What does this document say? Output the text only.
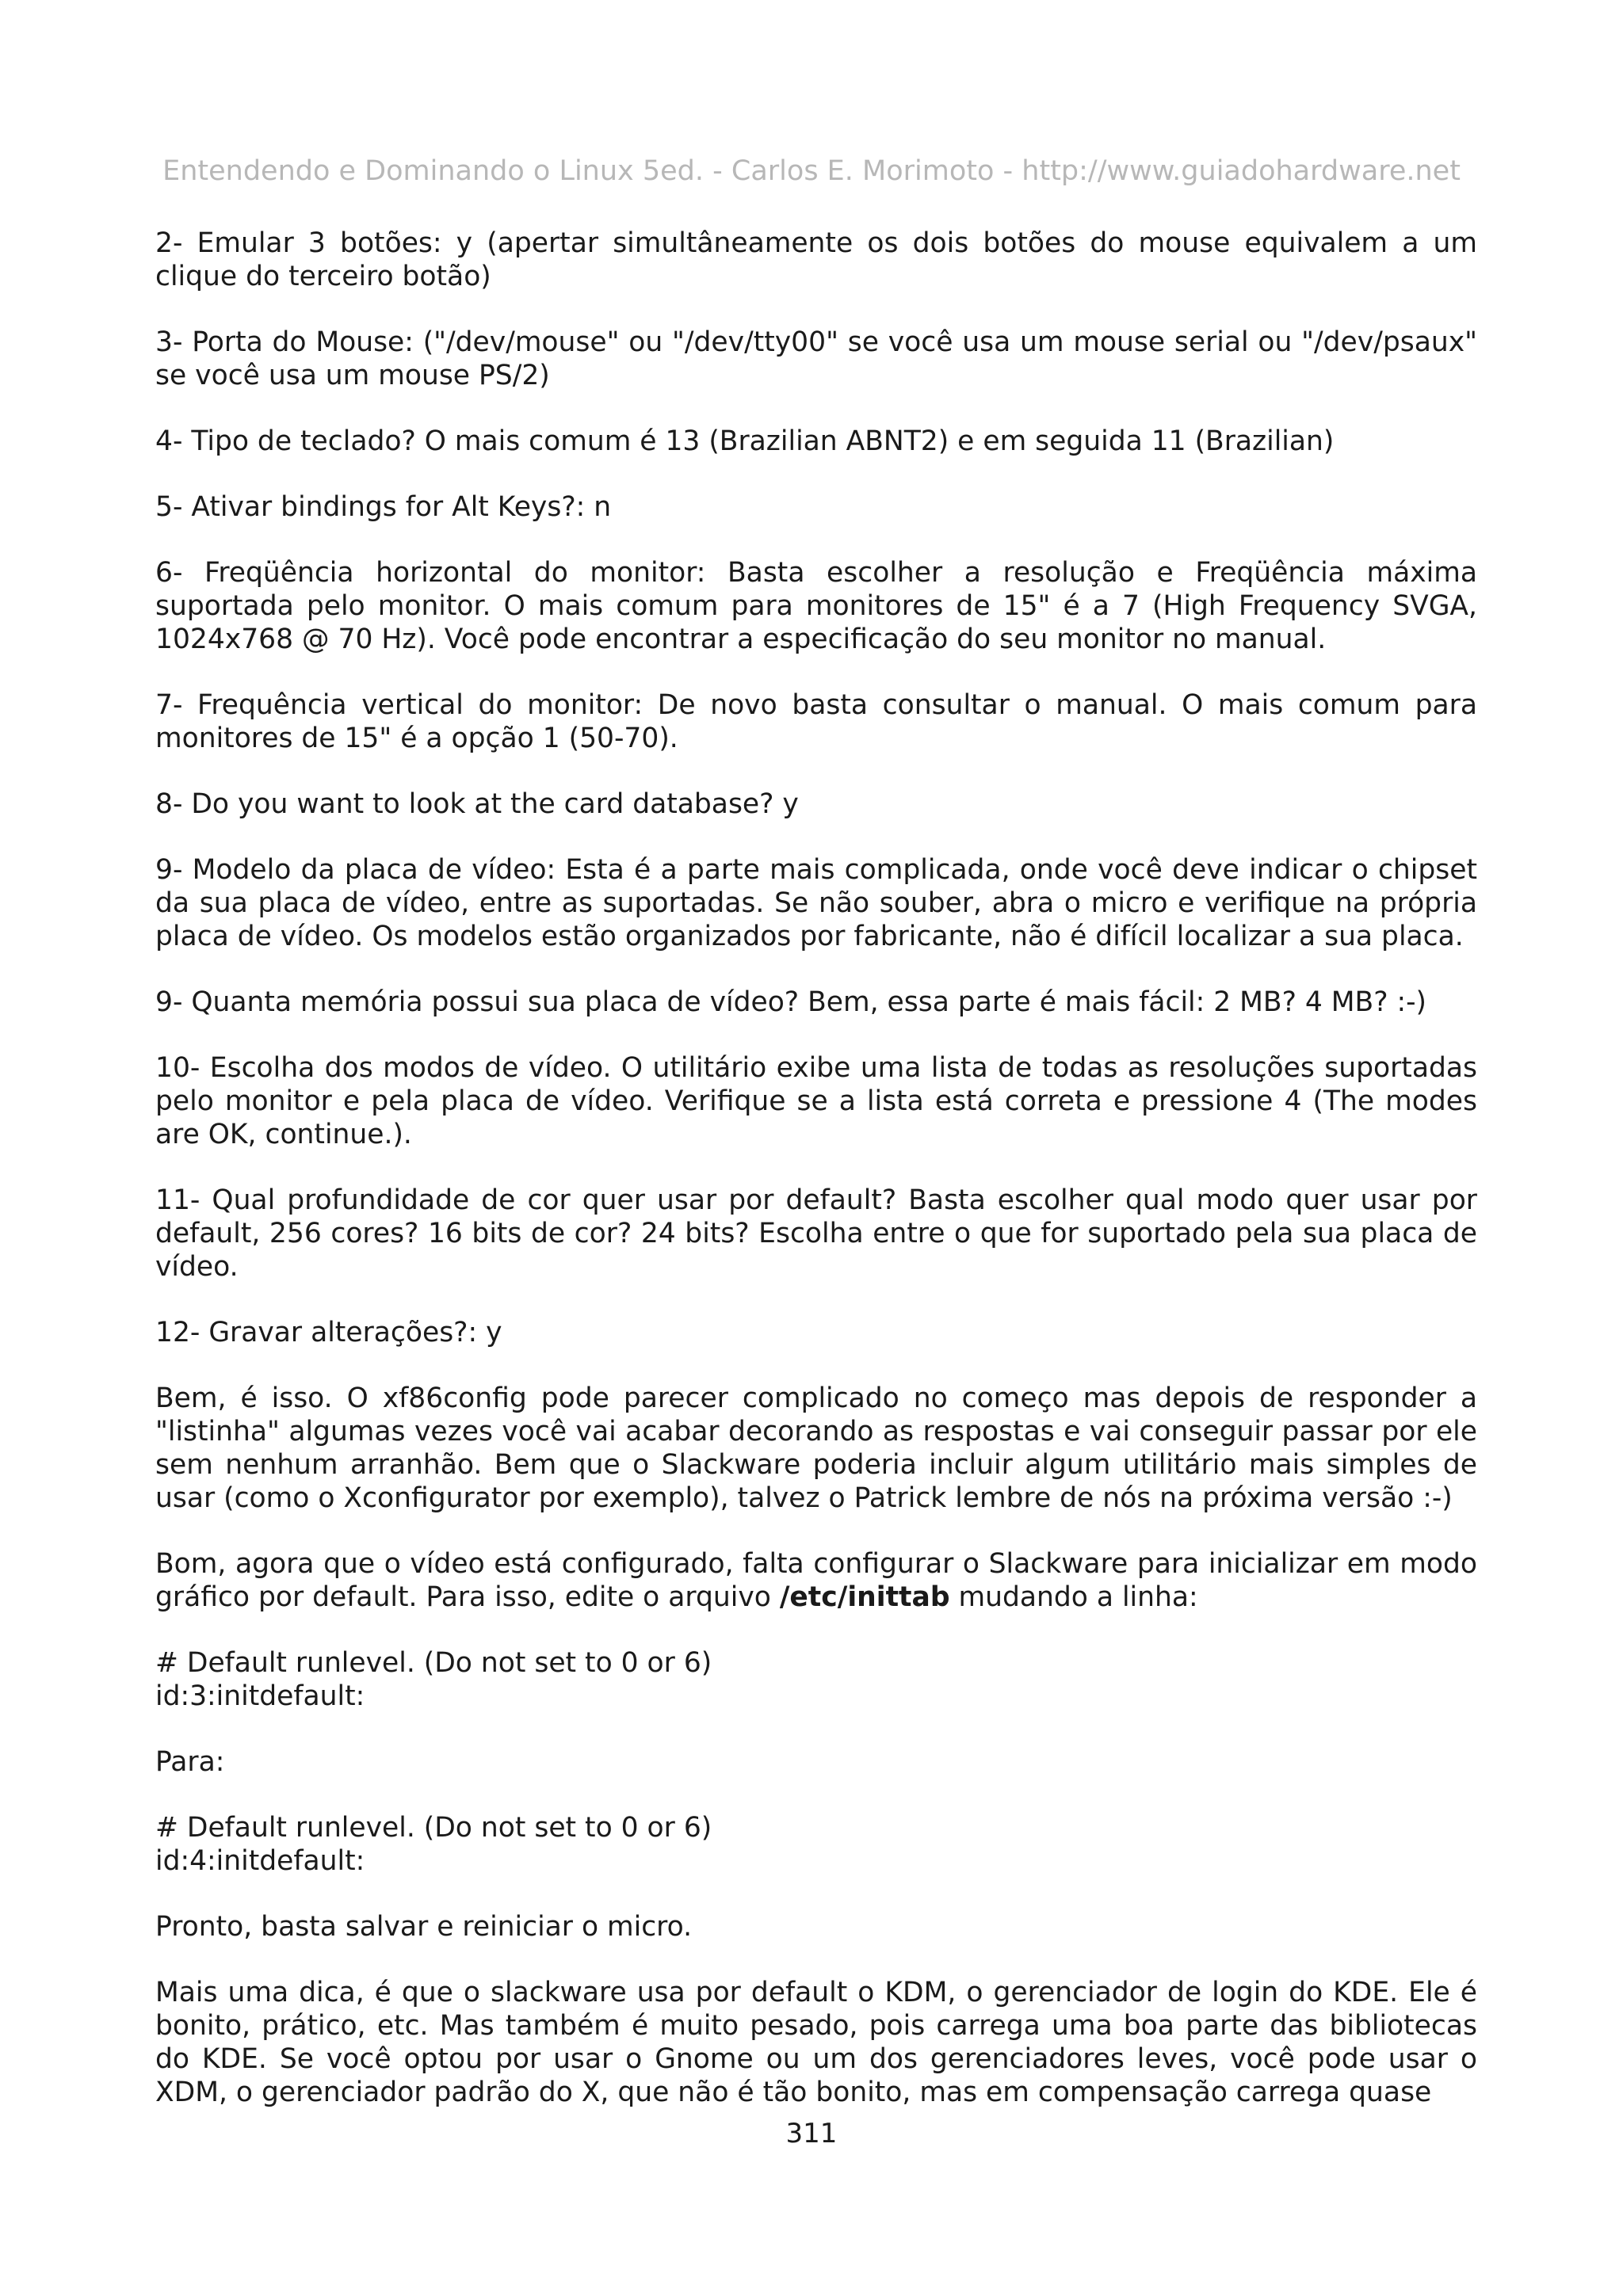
Entendendo e Dominando o Linux 5ed. - Carlos E. Morimoto - http://www.guiadohardware.net

2- Emular 3 botões: y (apertar simultâneamente os dois botões do mouse equivalem a um clique do terceiro botão)

3- Porta do Mouse: ("/dev/mouse" ou "/dev/tty00" se você usa um mouse serial ou "/dev/psaux" se você usa um mouse PS/2)

4- Tipo de teclado? O mais comum é 13 (Brazilian ABNT2) e em seguida 11 (Brazilian)

5- Ativar bindings for Alt Keys?: n

6- Freqüência horizontal do monitor: Basta escolher a resolução e Freqüência máxima suportada pelo monitor. O mais comum para monitores de 15" é a 7 (High Frequency SVGA, 1024x768 @ 70 Hz). Você pode encontrar a especificação do seu monitor no manual.

7- Frequência vertical do monitor: De novo basta consultar o manual. O mais comum para monitores de 15" é a opção 1 (50-70).

8- Do you want to look at the card database? y

9- Modelo da placa de vídeo: Esta é a parte mais complicada, onde você deve indicar o chipset da sua placa de vídeo, entre as suportadas. Se não souber, abra o micro e verifique na própria placa de vídeo. Os modelos estão organizados por fabricante, não é difícil localizar a sua placa.

9- Quanta memória possui sua placa de vídeo? Bem, essa parte é mais fácil: 2 MB? 4 MB? :-)

10- Escolha dos modos de vídeo. O utilitário exibe uma lista de todas as resoluções suportadas pelo monitor e pela placa de vídeo. Verifique se a lista está correta e pressione 4 (The modes are OK, continue.).

11- Qual profundidade de cor quer usar por default? Basta escolher qual modo quer usar por default, 256 cores? 16 bits de cor? 24 bits? Escolha entre o que for suportado pela sua placa de vídeo.

12- Gravar alterações?: y

Bem, é isso. O xf86config pode parecer complicado no começo mas depois de responder a "listinha" algumas vezes você vai acabar decorando as respostas e vai conseguir passar por ele sem nenhum arranhão. Bem que o Slackware poderia incluir algum utilitário mais simples de usar (como o Xconfigurator por exemplo), talvez o Patrick lembre de nós na próxima versão :-)

Bom, agora que o vídeo está configurado, falta configurar o Slackware para inicializar em modo gráfico por default. Para isso, edite o arquivo /etc/inittab mudando a linha:

# Default runlevel. (Do not set to 0 or 6)
id:3:initdefault:

Para:

# Default runlevel. (Do not set to 0 or 6)
id:4:initdefault:

Pronto, basta salvar e reiniciar o micro.

Mais uma dica, é que o slackware usa por default o KDM, o gerenciador de login do KDE. Ele é bonito, prático, etc. Mas também é muito pesado, pois carrega uma boa parte das bibliotecas do KDE. Se você optou por usar o Gnome ou um dos gerenciadores leves, você pode usar o XDM, o gerenciador padrão do X, que não é tão bonito, mas em compensação carrega quase

311
